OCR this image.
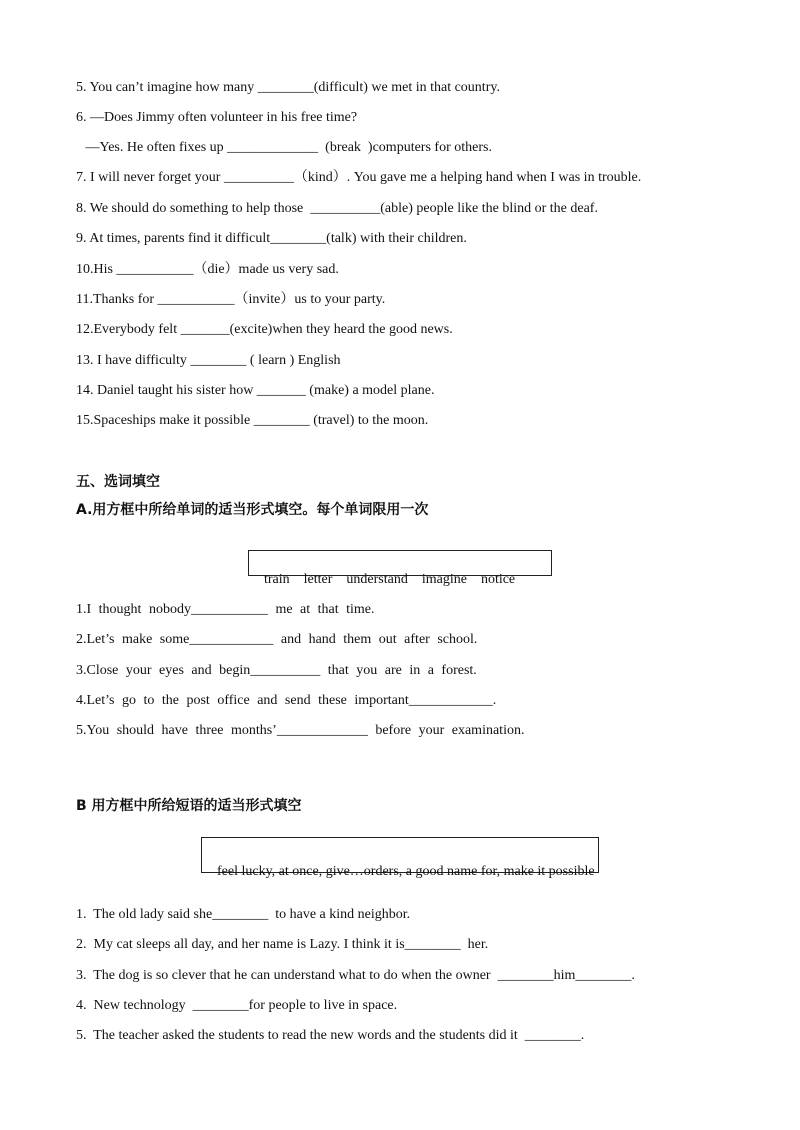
5. You can’t imagine how many ________(difficult) we met in that country.
6. —Does Jimmy often volunteer in his free time?
—Yes. He often fixes up _____________  (break  )computers for others.
7. I will never forget your __________（kind）. You gave me a helping hand when I was in trouble.
8. We should do something to help those  __________(able) people like the blind or the deaf.
9. At times, parents find it difficult________(talk) with their children.
10.His ___________（die）made us very sad.
11.Thanks for ___________（invite）us to your party.
12.Everybody felt _______(excite)when they heard the good news.
13. I have difficulty ________ ( learn ) English
14. Daniel taught his sister how _______ (make) a model plane.
15.Spaceships make it possible ________ (travel) to the moon.
五、选词填空
A.用方框中所给单词的适当形式填空。每个单词限用一次

train    letter    understand    imagine    notice

1.I thought nobody___________ me at that time.
2.Let’s make some____________ and hand them out after school.
3.Close your eyes and begin__________ that you are in a forest.
4.Let’s go to the post office and send these important____________.
5.You should have three months’_____________ before your examination.
B 用方框中所给短语的适当形式填空

feel lucky, at once, give…orders, a good name for, make it possible

1.  The old lady said she________  to have a kind neighbor.
2.  My cat sleeps all day, and her name is Lazy. I think it is________  her.
3.  The dog is so clever that he can understand what to do when the owner  ________him________.
4.  New technology  ________for people to live in space.
5.  The teacher asked the students to read the new words and the students did it  ________.
